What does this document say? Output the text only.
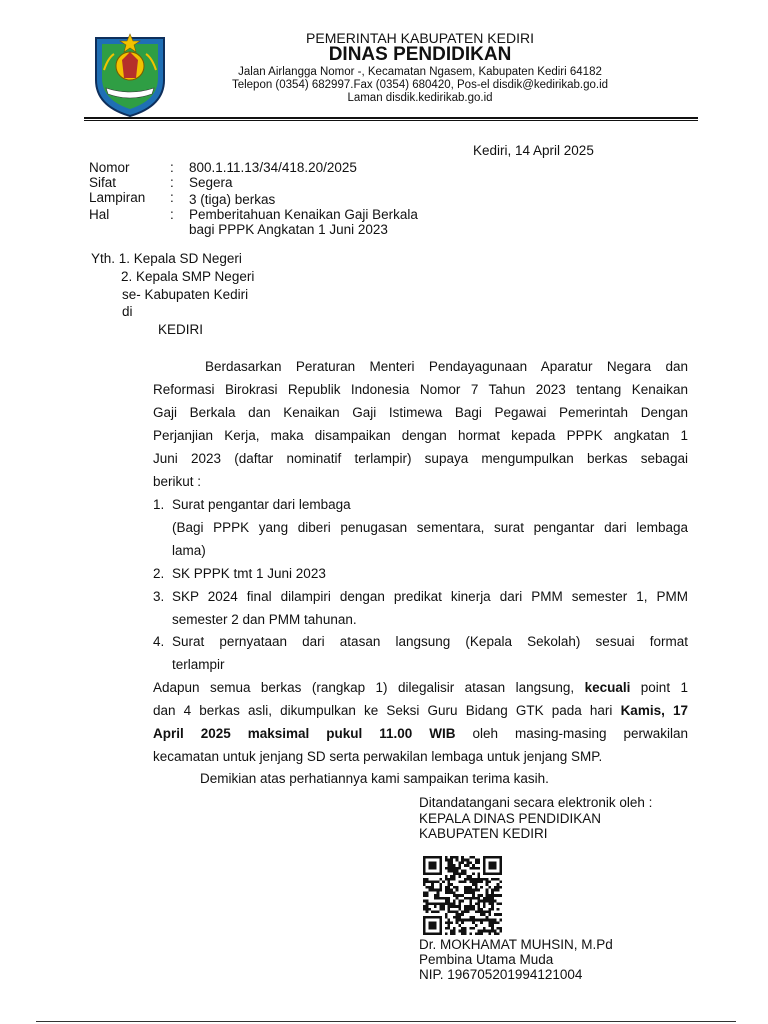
PEMERINTAH KABUPATEN KEDIRI
DINAS PENDIDIKAN
Jalan Airlangga Nomor -, Kecamatan Ngasem, Kabupaten Kediri 64182
Telepon (0354) 682997.Fax (0354) 680420, Pos-el disdik@kedirikab.go.id
Laman disdik.kedirikab.go.id
Kediri, 14 April 2025
Nomor	: 800.1.11.13/34/418.20/2025
Sifat	: Segera
Lampiran : 3 (tiga) berkas
Hal	: Pemberitahuan Kenaikan Gaji Berkala
bagi PPPK Angkatan 1 Juni 2023
Yth. 1. Kepala SD Negeri
2. Kepala SMP Negeri
se- Kabupaten Kediri
di
KEDIRI
Berdasarkan Peraturan Menteri Pendayagunaan Aparatur Negara dan
Reformasi Birokrasi Republik Indonesia Nomor 7 Tahun 2023 tentang Kenaikan
Gaji Berkala dan Kenaikan Gaji Istimewa Bagi Pegawai Pemerintah Dengan
Perjanjian Kerja, maka disampaikan dengan hormat kepada PPPK angkatan 1
Juni 2023 (daftar nominatif terlampir) supaya mengumpulkan berkas sebagai
berikut :
1. Surat pengantar dari lembaga
(Bagi PPPK yang diberi penugasan sementara, surat pengantar dari lembaga
lama)
2. SK PPPK tmt 1 Juni 2023
3. SKP 2024 final dilampiri dengan predikat kinerja dari PMM semester 1, PMM
semester 2 dan PMM tahunan.
4. Surat pernyataan dari atasan langsung (Kepala Sekolah) sesuai format
terlampir
Adapun semua berkas (rangkap 1) dilegalisir atasan langsung, kecuali point 1
dan 4 berkas asli, dikumpulkan ke Seksi Guru Bidang GTK pada hari Kamis, 17
April 2025 maksimal pukul 11.00 WIB oleh masing-masing perwakilan
kecamatan untuk jenjang SD serta perwakilan lembaga untuk jenjang SMP.
Demikian atas perhatiannya kami sampaikan terima kasih.
Ditandatangani secara elektronik oleh :
KEPALA DINAS PENDIDIKAN
KABUPATEN KEDIRI
Dr. MOKHAMAT MUHSIN, M.Pd
Pembina Utama Muda
NIP. 196705201994121004
